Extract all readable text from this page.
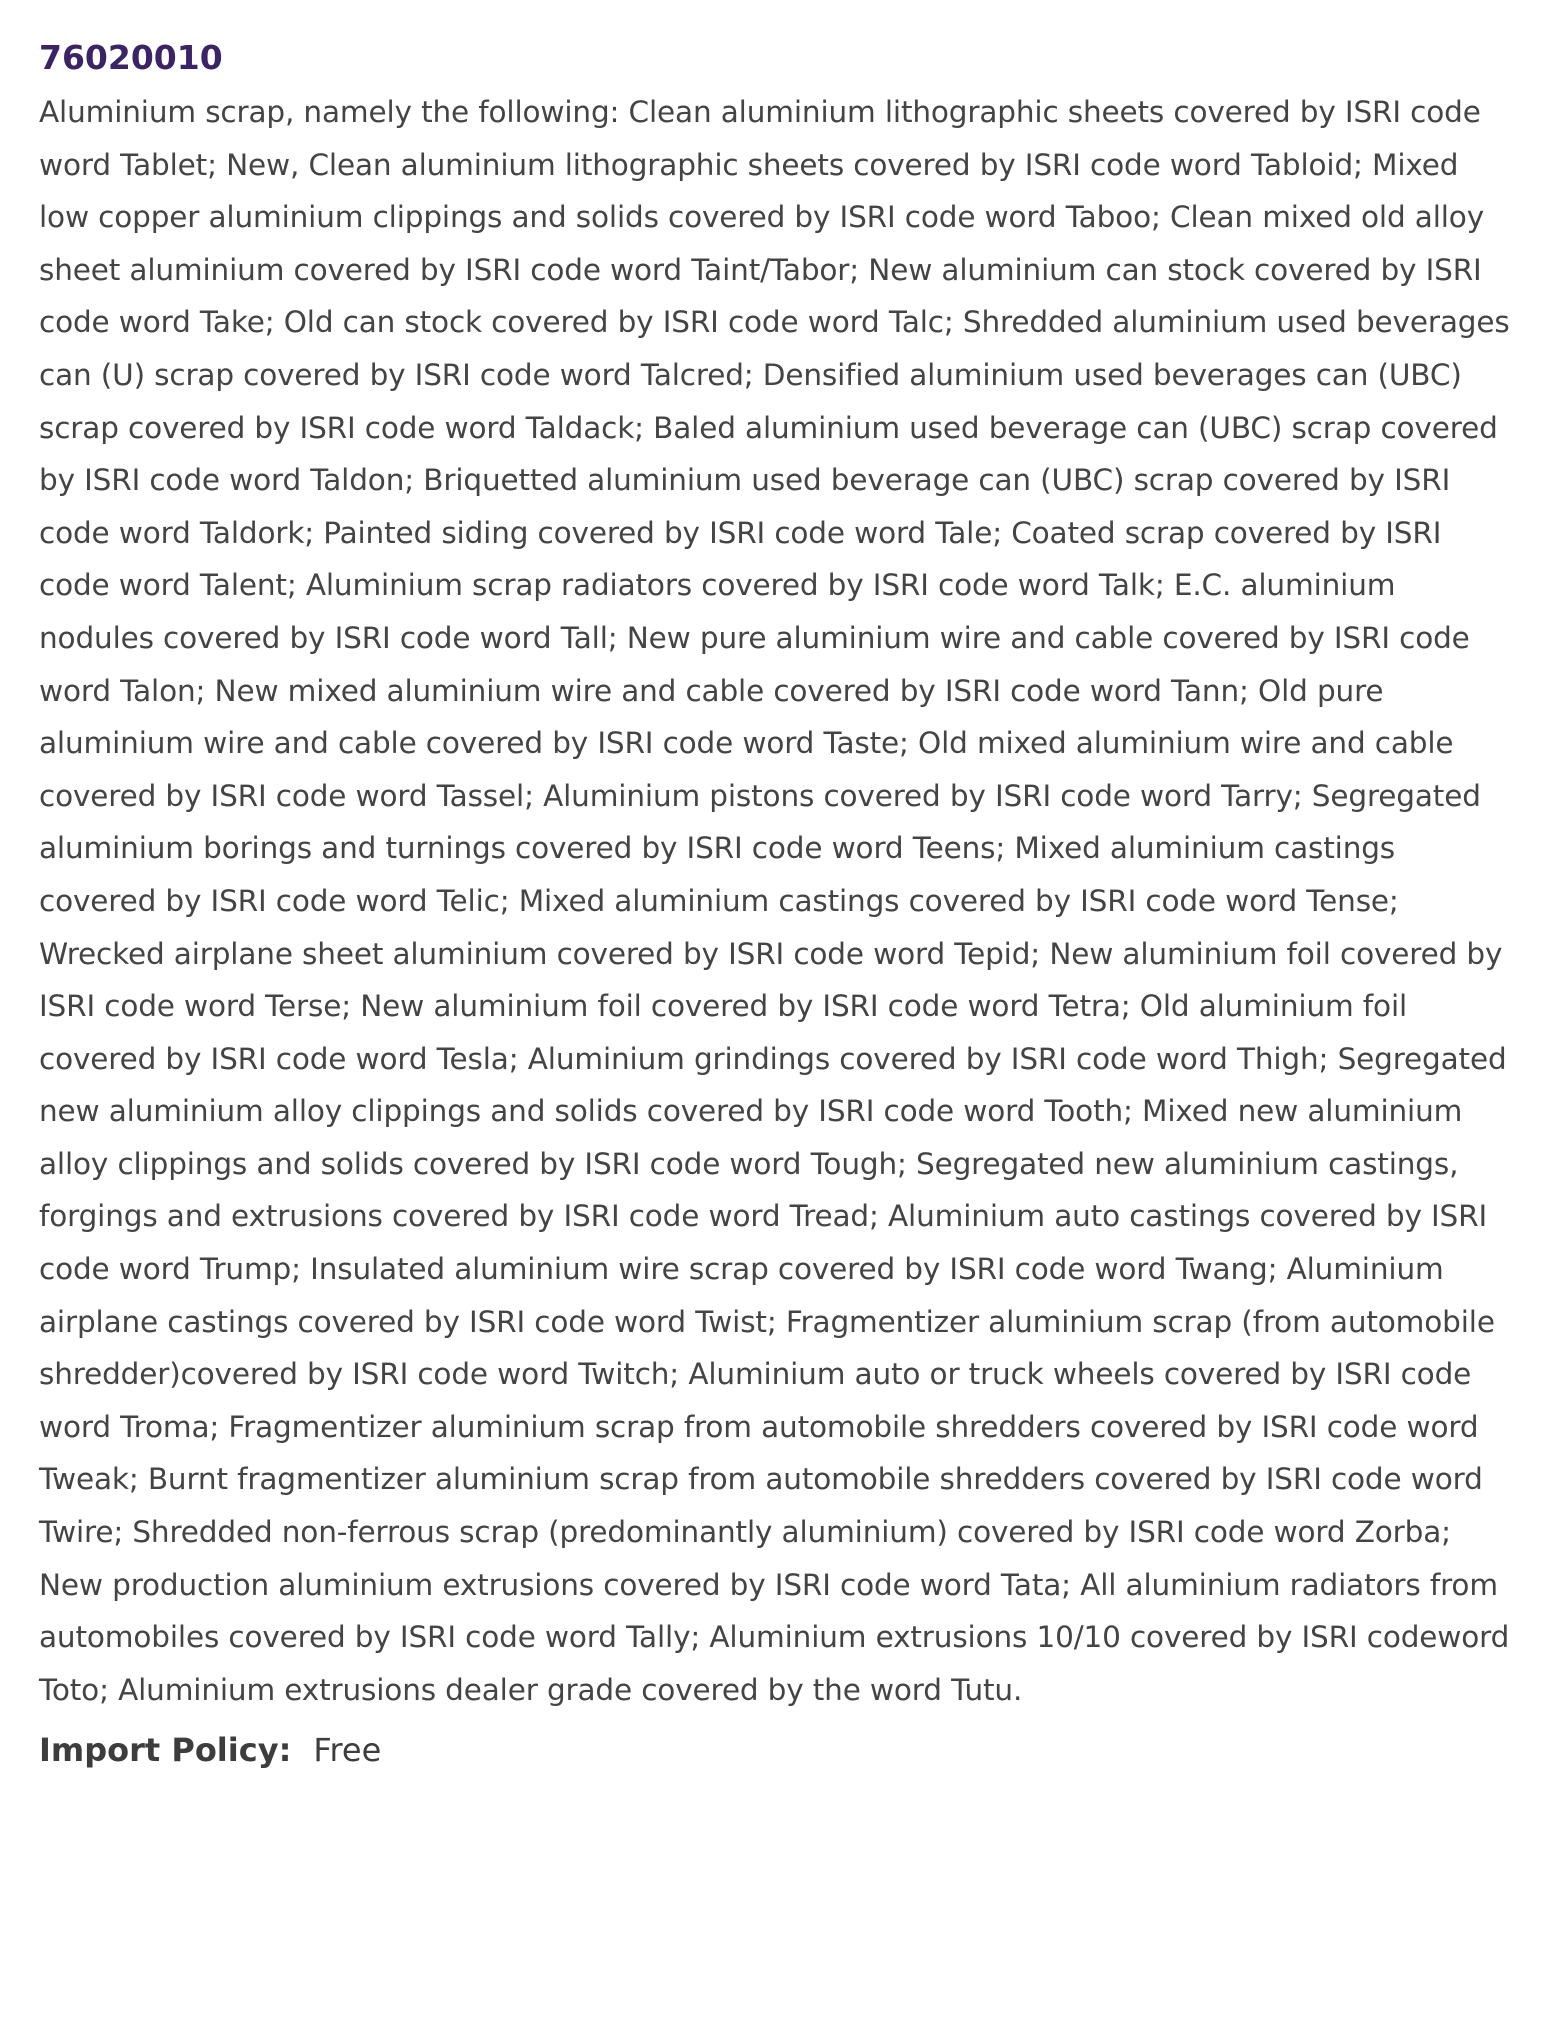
76020010

Aluminium scrap, namely the following: Clean aluminium lithographic sheets covered by ISRI code word Tablet; New, Clean aluminium lithographic sheets covered by ISRI code word Tabloid; Mixed low copper aluminium clippings and solids covered by ISRI code word Taboo; Clean mixed old alloy sheet aluminium covered by ISRI code word Taint/Tabor; New aluminium can stock covered by ISRI code word Take; Old can stock covered by ISRI code word Talc; Shredded aluminium used beverages can (U) scrap covered by ISRI code word Talcred; Densified aluminium used beverages can (UBC) scrap covered by ISRI code word Taldack; Baled aluminium used beverage can (UBC) scrap covered by ISRI code word Taldon; Briquetted aluminium used beverage can (UBC) scrap covered by ISRI code word Taldork; Painted siding covered by ISRI code word Tale; Coated scrap covered by ISRI code word Talent; Aluminium scrap radiators covered by ISRI code word Talk; E.C. aluminium nodules covered by ISRI code word Tall; New pure aluminium wire and cable covered by ISRI code word Talon; New mixed aluminium wire and cable covered by ISRI code word Tann; Old pure aluminium wire and cable covered by ISRI code word Taste; Old mixed aluminium wire and cable covered by ISRI code word Tassel; Aluminium pistons covered by ISRI code word Tarry; Segregated aluminium borings and turnings covered by ISRI code word Teens; Mixed aluminium castings covered by ISRI code word Telic; Mixed aluminium castings covered by ISRI code word Tense; Wrecked airplane sheet aluminium covered by ISRI code word Tepid; New aluminium foil covered by ISRI code word Terse; New aluminium foil covered by ISRI code word Tetra; Old aluminium foil covered by ISRI code word Tesla; Aluminium grindings covered by ISRI code word Thigh; Segregated new aluminium alloy clippings and solids covered by ISRI code word Tooth; Mixed new aluminium alloy clippings and solids covered by ISRI code word Tough; Segregated new aluminium castings, forgings and extrusions covered by ISRI code word Tread; Aluminium auto castings covered by ISRI code word Trump; Insulated aluminium wire scrap covered by ISRI code word Twang; Aluminium airplane castings covered by ISRI code word Twist; Fragmentizer aluminium scrap (from automobile shredder)covered by ISRI code word Twitch; Aluminium auto or truck wheels covered by ISRI code word Troma; Fragmentizer aluminium scrap from automobile shredders covered by ISRI code word Tweak; Burnt fragmentizer aluminium scrap from automobile shredders covered by ISRI code word Twire; Shredded non-ferrous scrap (predominantly aluminium) covered by ISRI code word Zorba; New production aluminium extrusions covered by ISRI code word Tata; All aluminium radiators from automobiles covered by ISRI code word Tally; Aluminium extrusions 10/10 covered by ISRI codeword Toto; Aluminium extrusions dealer grade covered by the word Tutu.

Import Policy: Free
